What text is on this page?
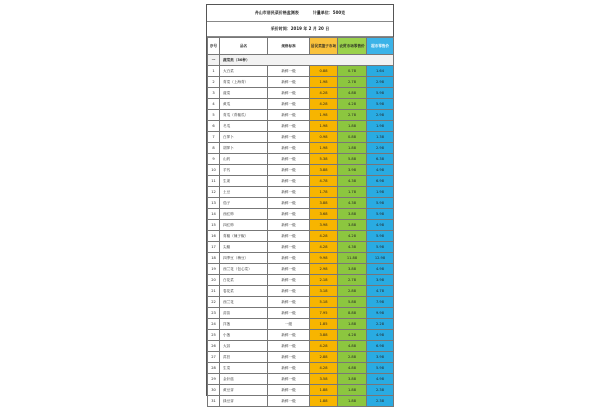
舟山市居民菜价格监测表	计量单位：500克
采价时间：2019 年 2 月 20 日
序号	品名	规格标准	居民菜篮子市场	农贸市场零售价	超市零售价
一	蔬菜类（30种）				
1	大白菜	新鲜一级	0.88	0.78	1.64
2	青菜（上海青）	新鲜一级	1.98	2.78	2.98
3	菠菜	新鲜一级	4.28	4.88	5.98
4	黄瓜	新鲜一级	4.28	4.28	5.98
5	青瓜（青椒瓜）	新鲜一级	1.98	2.78	2.98
6	冬瓜	新鲜一级	1.98	1.88	1.98
7	白萝卜	新鲜一级	0.98	0.88	1.38
8	胡萝卜	新鲜一级	1.98	1.88	2.98
9	山药	新鲜一级	5.38	5.88	6.38
10	芋艿	新鲜一级	3.88	3.98	4.98
11	生姜	新鲜一级	4.78	4.38	6.98
12	土豆	新鲜一级	1.78	1.78	1.98
13	茄子	新鲜一级	3.88	4.38	5.98
14	西红柿	新鲜一级	3.68	3.88	5.98
15	四红柿	新鲜一级	3.98	3.88	4.98
16	青椒（辣子椒）	新鲜一级	4.28	4.28	5.98
17	尖椒	新鲜一级	4.28	4.38	5.98
18	四季豆（梅豆）	新鲜一级	9.98	11.88	12.98
19	西兰花（包心菜）	新鲜一级	2.98	3.88	4.98
20	白花菜	新鲜一级	2.18	2.78	3.98
21	卷花菜	新鲜一级	3.18	2.88	4.78
22	西兰花	新鲜一级	5.18	5.88	7.98
23	蒜苗	新鲜一级	7.95	8.88	9.98
24	洋葱	一级	1.85	1.88	2.28
25	小葱	新鲜一级	3.88	4.28	4.98
26	大蒜	新鲜一级	4.28	4.88	6.98
27	莴苣	新鲜一级	2.88	2.88	3.98
28	生菜	新鲜一级	4.28	4.88	5.98
29	金针菇	新鲜一级	3.58	3.88	4.98
30	黄豆芽	新鲜一级	1.88	1.88	2.38
31	绿豆芽	新鲜一级	1.88	1.88	2.38
